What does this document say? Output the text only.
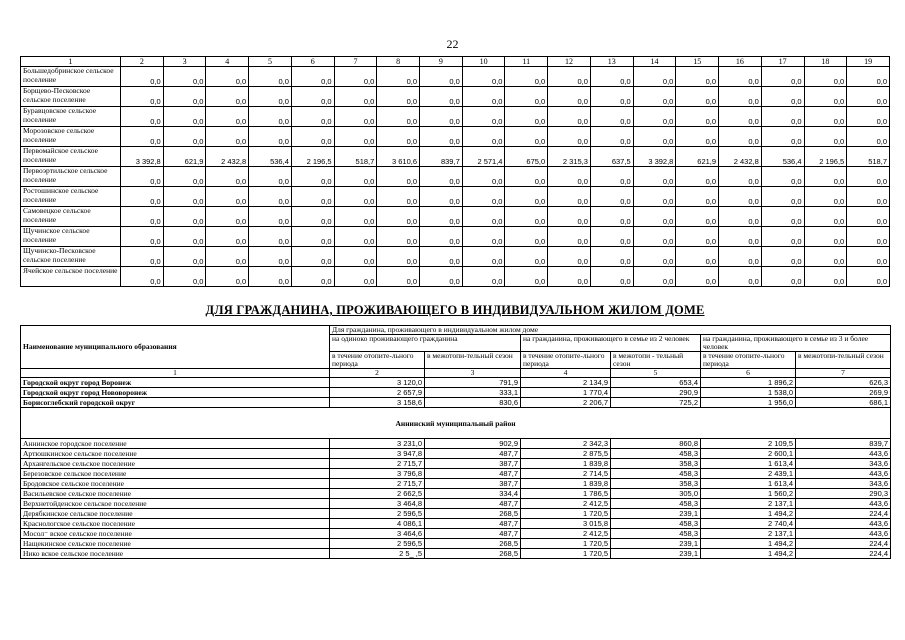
22
1	2	3	4	5	6	7	8	9	10	11	12	13	14	15	16	17	18	19
Большедобринское сельское поселение	0,0	0,0	0,0	0,0	0,0	0,0	0,0	0,0	0,0	0,0	0,0	0,0	0,0	0,0	0,0	0,0	0,0	0,0
Борщево-Песковское сельское поселение	0,0	0,0	0,0	0,0	0,0	0,0	0,0	0,0	0,0	0,0	0,0	0,0	0,0	0,0	0,0	0,0	0,0	0,0
Буравцовское сельское поселение	0,0	0,0	0,0	0,0	0,0	0,0	0,0	0,0	0,0	0,0	0,0	0,0	0,0	0,0	0,0	0,0	0,0	0,0
Морозовское сельское поселение	0,0	0,0	0,0	0,0	0,0	0,0	0,0	0,0	0,0	0,0	0,0	0,0	0,0	0,0	0,0	0,0	0,0	0,0
Первомайское сельское поселение	3 392,8	621,9	2 432,8	536,4	2 196,5	518,7	3 610,6	839,7	2 571,4	675,0	2 315,3	637,5	3 392,8	621,9	2 432,8	536,4	2 196,5	518,7
Первоэртильское сельское поселение	0,0	0,0	0,0	0,0	0,0	0,0	0,0	0,0	0,0	0,0	0,0	0,0	0,0	0,0	0,0	0,0	0,0	0,0
Ростошинское сельское поселение	0,0	0,0	0,0	0,0	0,0	0,0	0,0	0,0	0,0	0,0	0,0	0,0	0,0	0,0	0,0	0,0	0,0	0,0
Самовецкое сельское поселение	0,0	0,0	0,0	0,0	0,0	0,0	0,0	0,0	0,0	0,0	0,0	0,0	0,0	0,0	0,0	0,0	0,0	0,0
Щучинское сельское поселение	0,0	0,0	0,0	0,0	0,0	0,0	0,0	0,0	0,0	0,0	0,0	0,0	0,0	0,0	0,0	0,0	0,0	0,0
Щучинско-Песковское сельское поселение	0,0	0,0	0,0	0,0	0,0	0,0	0,0	0,0	0,0	0,0	0,0	0,0	0,0	0,0	0,0	0,0	0,0	0,0
Ячейское сельское поселение	0,0	0,0	0,0	0,0	0,0	0,0	0,0	0,0	0,0	0,0	0,0	0,0	0,0	0,0	0,0	0,0	0,0	0,0
ДЛЯ ГРАЖДАНИНА, ПРОЖИВАЮЩЕГО В ИНДИВИДУАЛЬНОМ ЖИЛОМ ДОМЕ
Наименование муниципального образования	Для гражданина, проживающего в индивидуальном жилом доме					
	на одиноко проживающего гражданина		на гражданина, проживающего в семье из 2 человек		на гражданина, проживающего в семье из 3 и более человек	
	в течение отопите-льного периода	в межотопи-тельный сезон	в течение отопите-льного периода	в межотопи - тельный сезон	в течение отопите-льного периода	в межотопи-тельный сезон
1	2	3	4	5	6	7
Городской округ город Воронеж	3 120,0	791,9	2 134,9	653,4	1 896,2	626,3
Городской округ город Нововоронеж	2 657,9	333,1	1 770,4	290,9	1 538,0	269,9
Борисоглебский городской округ	3 158,6	830,6	2 206,7	725,2	1 956,0	686,1
Аннинский муниципальный район						
Аннинское городское поселение	3 231,0	902,9	2 342,3	860,8	2 109,5	839,7
Артюшкинское сельское поселение	3 947,8	487,7	2 875,5	458,3	2 600,1	443,6
Архангельское сельское поселение	2 715,7	387,7	1 839,8	358,3	1 613,4	343,6
Березовское сельское поселение	3 796,8	487,7	2 714,5	458,3	2 439,1	443,6
Бродовское сельское поселение	2 715,7	387,7	1 839,8	358,3	1 613,4	343,6
Васильевское сельское поселение	2 662,5	334,4	1 786,5	305,0	1 560,2	290,3
Верхнетойденское сельское поселение	3 464,8	487,7	2 412,5	458,3	2 137,1	443,6
Дерябкинское сельское поселение	2 596,5	268,5	1 720,5	239,1	1 494,2	224,4
Краснологское сельское поселение	4 086,1	487,7	3 015,8	458,3	2 740,4	443,6
Мосол⁻ вское сельское поселение	3 464,6	487,7	2 412,5	458,3	2 137,1	443,6
Нащекинское сельское поселение	2 596,5	268,5	1 720,5	239,1	1 494,2	224,4
Нико вское сельское поселение	2 5_ ,5	268,5	1 720,5	239,1	1 494,2	224,4
